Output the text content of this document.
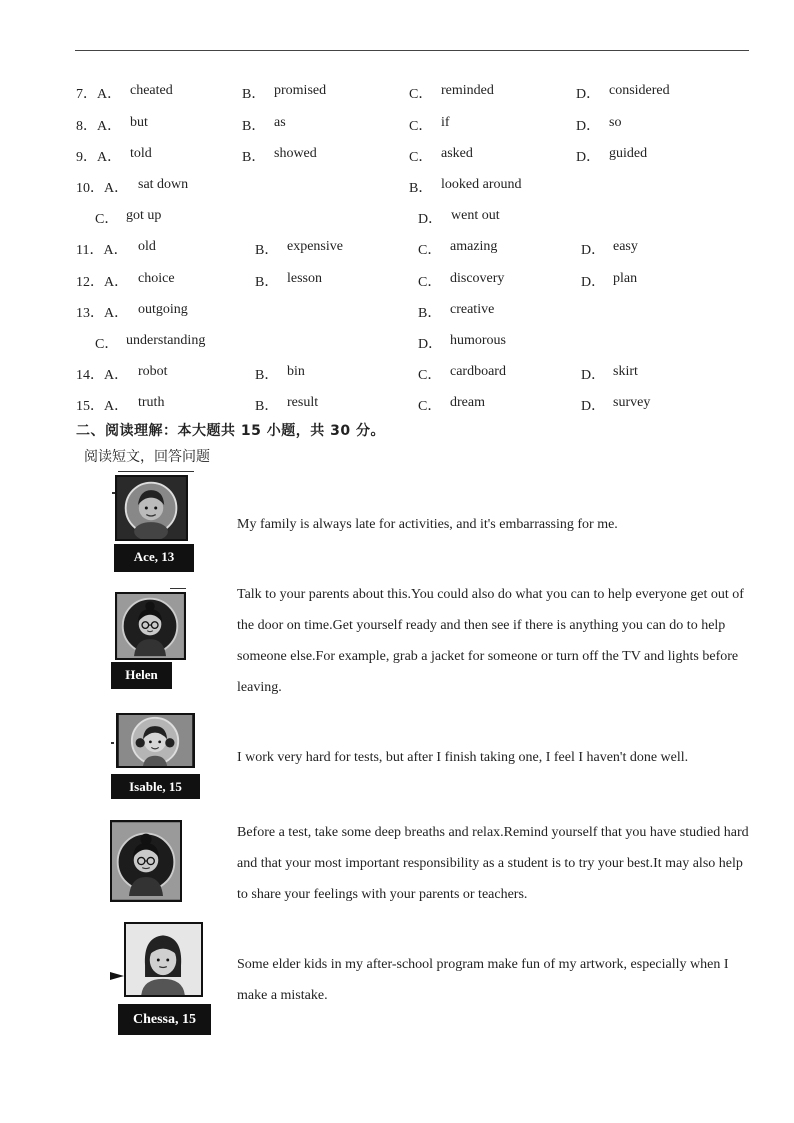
7．A． cheated	B． promised	C． reminded	D． considered
8．A． but	B． as	C． if	D． so
9．A． told	B． showed	C． asked	D． guided
10．A． sat down	B． looked around
C． got up	D． went out
11．A． old	B． expensive	C． amazing	D． easy
12．A． choice	B． lesson	C． discovery	D． plan
13．A． outgoing	B． creative
C． understanding	D． humorous
14．A． robot	B． bin	C． cardboard	D． skirt
15．A． truth	B． result	C． dream	D． survey
二、阅读理解：本大题共 15 小题，共 30 分。
阅读短文，回答问题
Ace, 13
My family is always late for activities, and it's embarrassing for me.
Helen
Talk to your parents about this.You could also do what you can to help everyone get out of the door on time.Get yourself ready and then see if there is anything you can do to help someone else.For example, grab a jacket for someone or turn off the TV and lights before leaving.
Isable, 15
I work very hard for tests, but after I finish taking one, I feel I haven't done well.
Before a test, take some deep breaths and relax.Remind yourself that you have studied hard and that your most important responsibility as a student is to try your best.It may also help to share your feelings with your parents or teachers.
Chessa, 15
Some elder kids in my after-school program make fun of my artwork, especially when I make a mistake.
